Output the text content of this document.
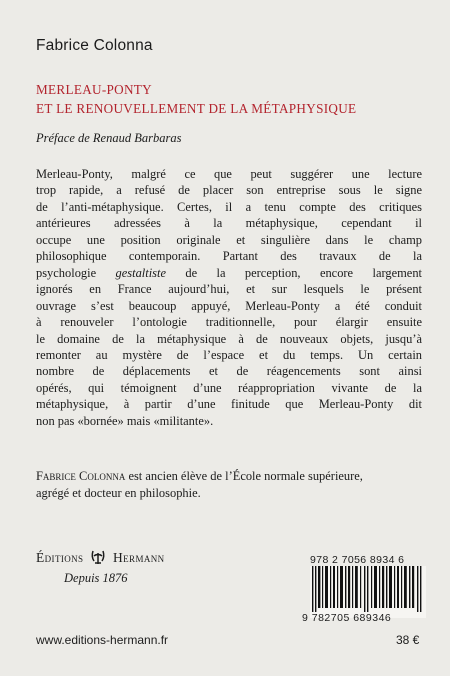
Fabrice Colonna
MERLEAU-PONTY
ET LE RENOUVELLEMENT DE LA MÉTAPHYSIQUE
Préface de Renaud Barbaras
Merleau-Ponty, malgré ce que peut suggérer une lecture
trop rapide, a refusé de placer son entreprise sous le signe
de l’anti-métaphysique. Certes, il a tenu compte des critiques
antérieures adressées à la métaphysique, cependant il
occupe une position originale et singulière dans le champ
philosophique contemporain. Partant des travaux de la
psychologie gestaltiste de la perception, encore largement
ignorés en France aujourd’hui, et sur lesquels le présent
ouvrage s’est beaucoup appuyé, Merleau-Ponty a été conduit
à renouveler l’ontologie traditionnelle, pour élargir ensuite
le domaine de la métaphysique à de nouveaux objets, jusqu’à
remonter au mystère de l’espace et du temps. Un certain
nombre de déplacements et de réagencements sont ainsi
opérés, qui témoignent d’une réappropriation vivante de la
métaphysique, à partir d’une finitude que Merleau-Ponty dit
non pas «bornée» mais «militante».
Fabrice Colonna est ancien élève de l’École normale supérieure,
agrégé et docteur en philosophie.
Éditions Hermann
Depuis 1876
978 2 7056 8934 6
9 782705 689346
www.editions-hermann.fr	38 €
